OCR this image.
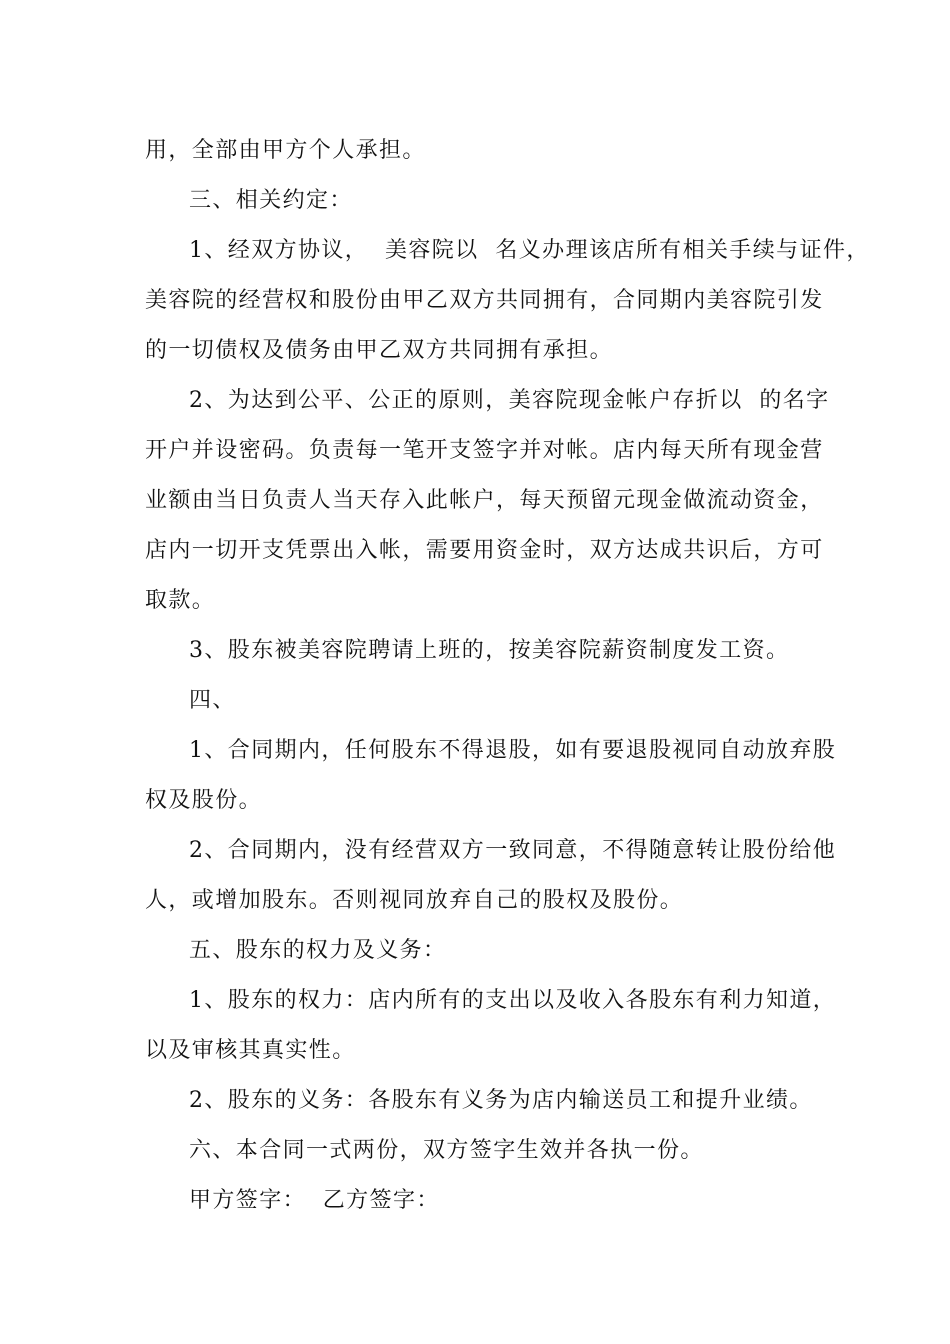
用，全部由甲方个人承担。
三、相关约定：
1、经双方协议，  美容院以  名义办理该店所有相关手续与证件，
美容院的经营权和股份由甲乙双方共同拥有，合同期内美容院引发
的一切债权及债务由甲乙双方共同拥有承担。
2、为达到公平、公正的原则，美容院现金帐户存折以  的名字
开户并设密码。负责每一笔开支签字并对帐。店内每天所有现金营
业额由当日负责人当天存入此帐户，每天预留元现金做流动资金，
店内一切开支凭票出入帐，需要用资金时，双方达成共识后，方可
取款。
3、股东被美容院聘请上班的，按美容院薪资制度发工资。
四、
1、合同期内，任何股东不得退股，如有要退股视同自动放弃股
权及股份。
2、合同期内，没有经营双方一致同意，不得随意转让股份给他
人，或增加股东。否则视同放弃自己的股权及股份。
五、股东的权力及义务：
1、股东的权力：店内所有的支出以及收入各股东有利力知道，
以及审核其真实性。
2、股东的义务：各股东有义务为店内输送员工和提升业绩。
六、本合同一式两份，双方签字生效并各执一份。
甲方签字：  乙方签字：
